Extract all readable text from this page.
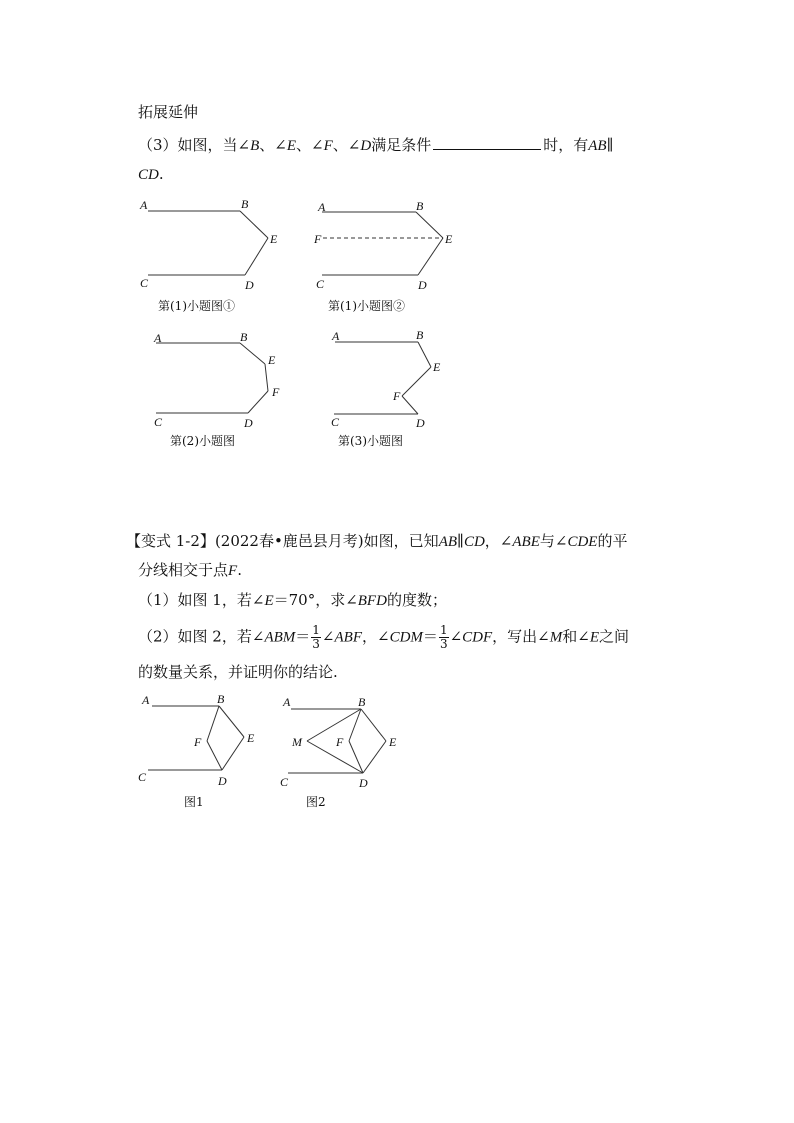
拓展延伸
（3）如图，当∠B、∠E、∠F、∠D满足条件	时，有AB∥
CD.
A	B
E
C	D
第(1)小题图①
A	B
F	E
C	D
第(1)小题图②
A	B
E
F
C	D
第(2)小题图
A	B
E
F
C	D
第(3)小题图
A	B
F	E
C	D
图1
A	B
M	F	E
C	D
图2
【变式 1-2】(2022春•鹿邑县月考)如图，已知AB∥CD，∠ABE与∠CDE的平
分线相交于点F.
（1）如图 1，若∠E＝70°，求∠BFD的度数；
（2）如图 2，若∠ABM＝ $\frac{1}{3}$ ∠ABF，∠CDM＝ $\frac{1}{3}$ ∠CDF，写出∠M和∠E之间
的数量关系，并证明你的结论.
